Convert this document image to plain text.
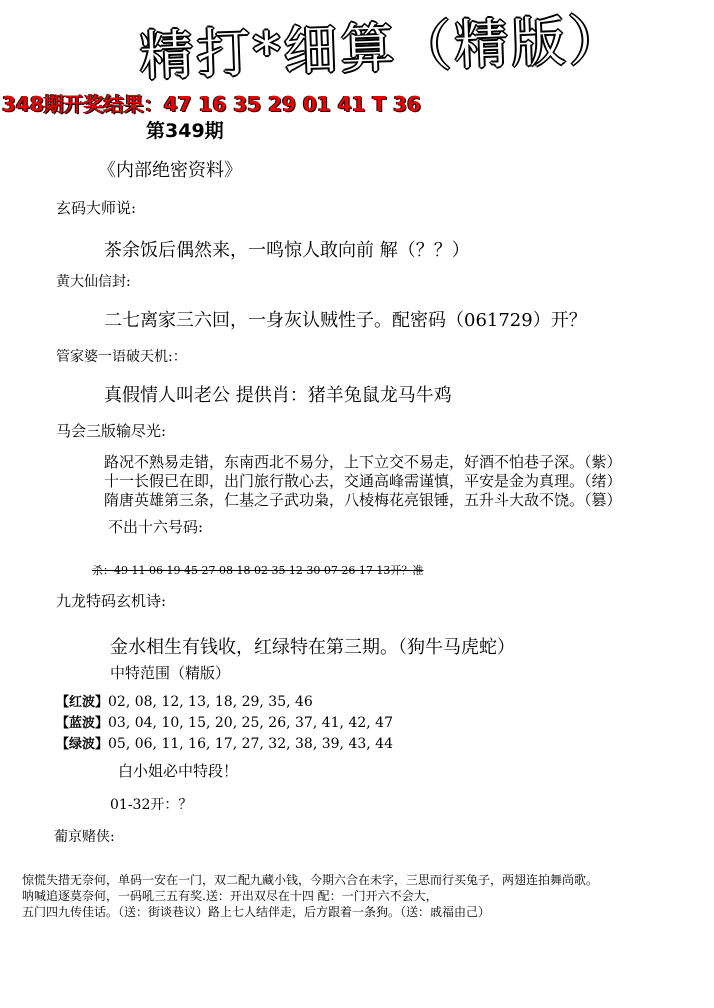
精打*细算（精版）
348期开奖结果：47 16 35 29 01 41 T 36
第349期
《内部绝密资料》
玄码大师说:
茶余饭后偶然来，一鸣惊人敢向前 解（？？）
黄大仙信封:
二七离家三六回，一身灰认贼性子。配密码（061729）开？
管家婆一语破天机:：
真假情人叫老公 提供肖：猪羊兔鼠龙马牛鸡
马会三版输尽光:
路况不熟易走错，东南西北不易分，上下立交不易走，好酒不怕巷子深。（紫）
十一长假已在即，出门旅行散心去，交通高峰需谨慎，平安是金为真理。（绪）
隋唐英雄第三条，仁基之子武功枭，八棱梅花亮银锤，五升斗大敌不饶。（篡）
不出十六号码:
杀：49 11 06 19 45 27 08 18 02 35 12 30 07 26 17 13开？准
九龙特码玄机诗:
金水相生有钱收，红绿特在第三期。（狗牛马虎蛇）
中特范围（精版）
【红波】02, 08, 12, 13, 18, 29, 35, 46
【蓝波】03, 04, 10, 15, 20, 25, 26, 37, 41, 42, 47
【绿波】05, 06, 11, 16, 17, 27, 32, 38, 39, 43, 44
白小姐必中特段！
01-32开：？
葡京赌侠:
惊慌失措无奈何，单码一安在一门，双二配九藏小钱，今期六合在未字，三思而行买兔子，两翅连拍舞尚歌。
呐喊追逐莫奈何，一码吼三五有奖.送：开出双尽在十四 配：一门开六不会大，
五门四九传佳话。（送：街谈巷议）路上七人结伴走，后方跟着一条狗。（送：戚福由己）
